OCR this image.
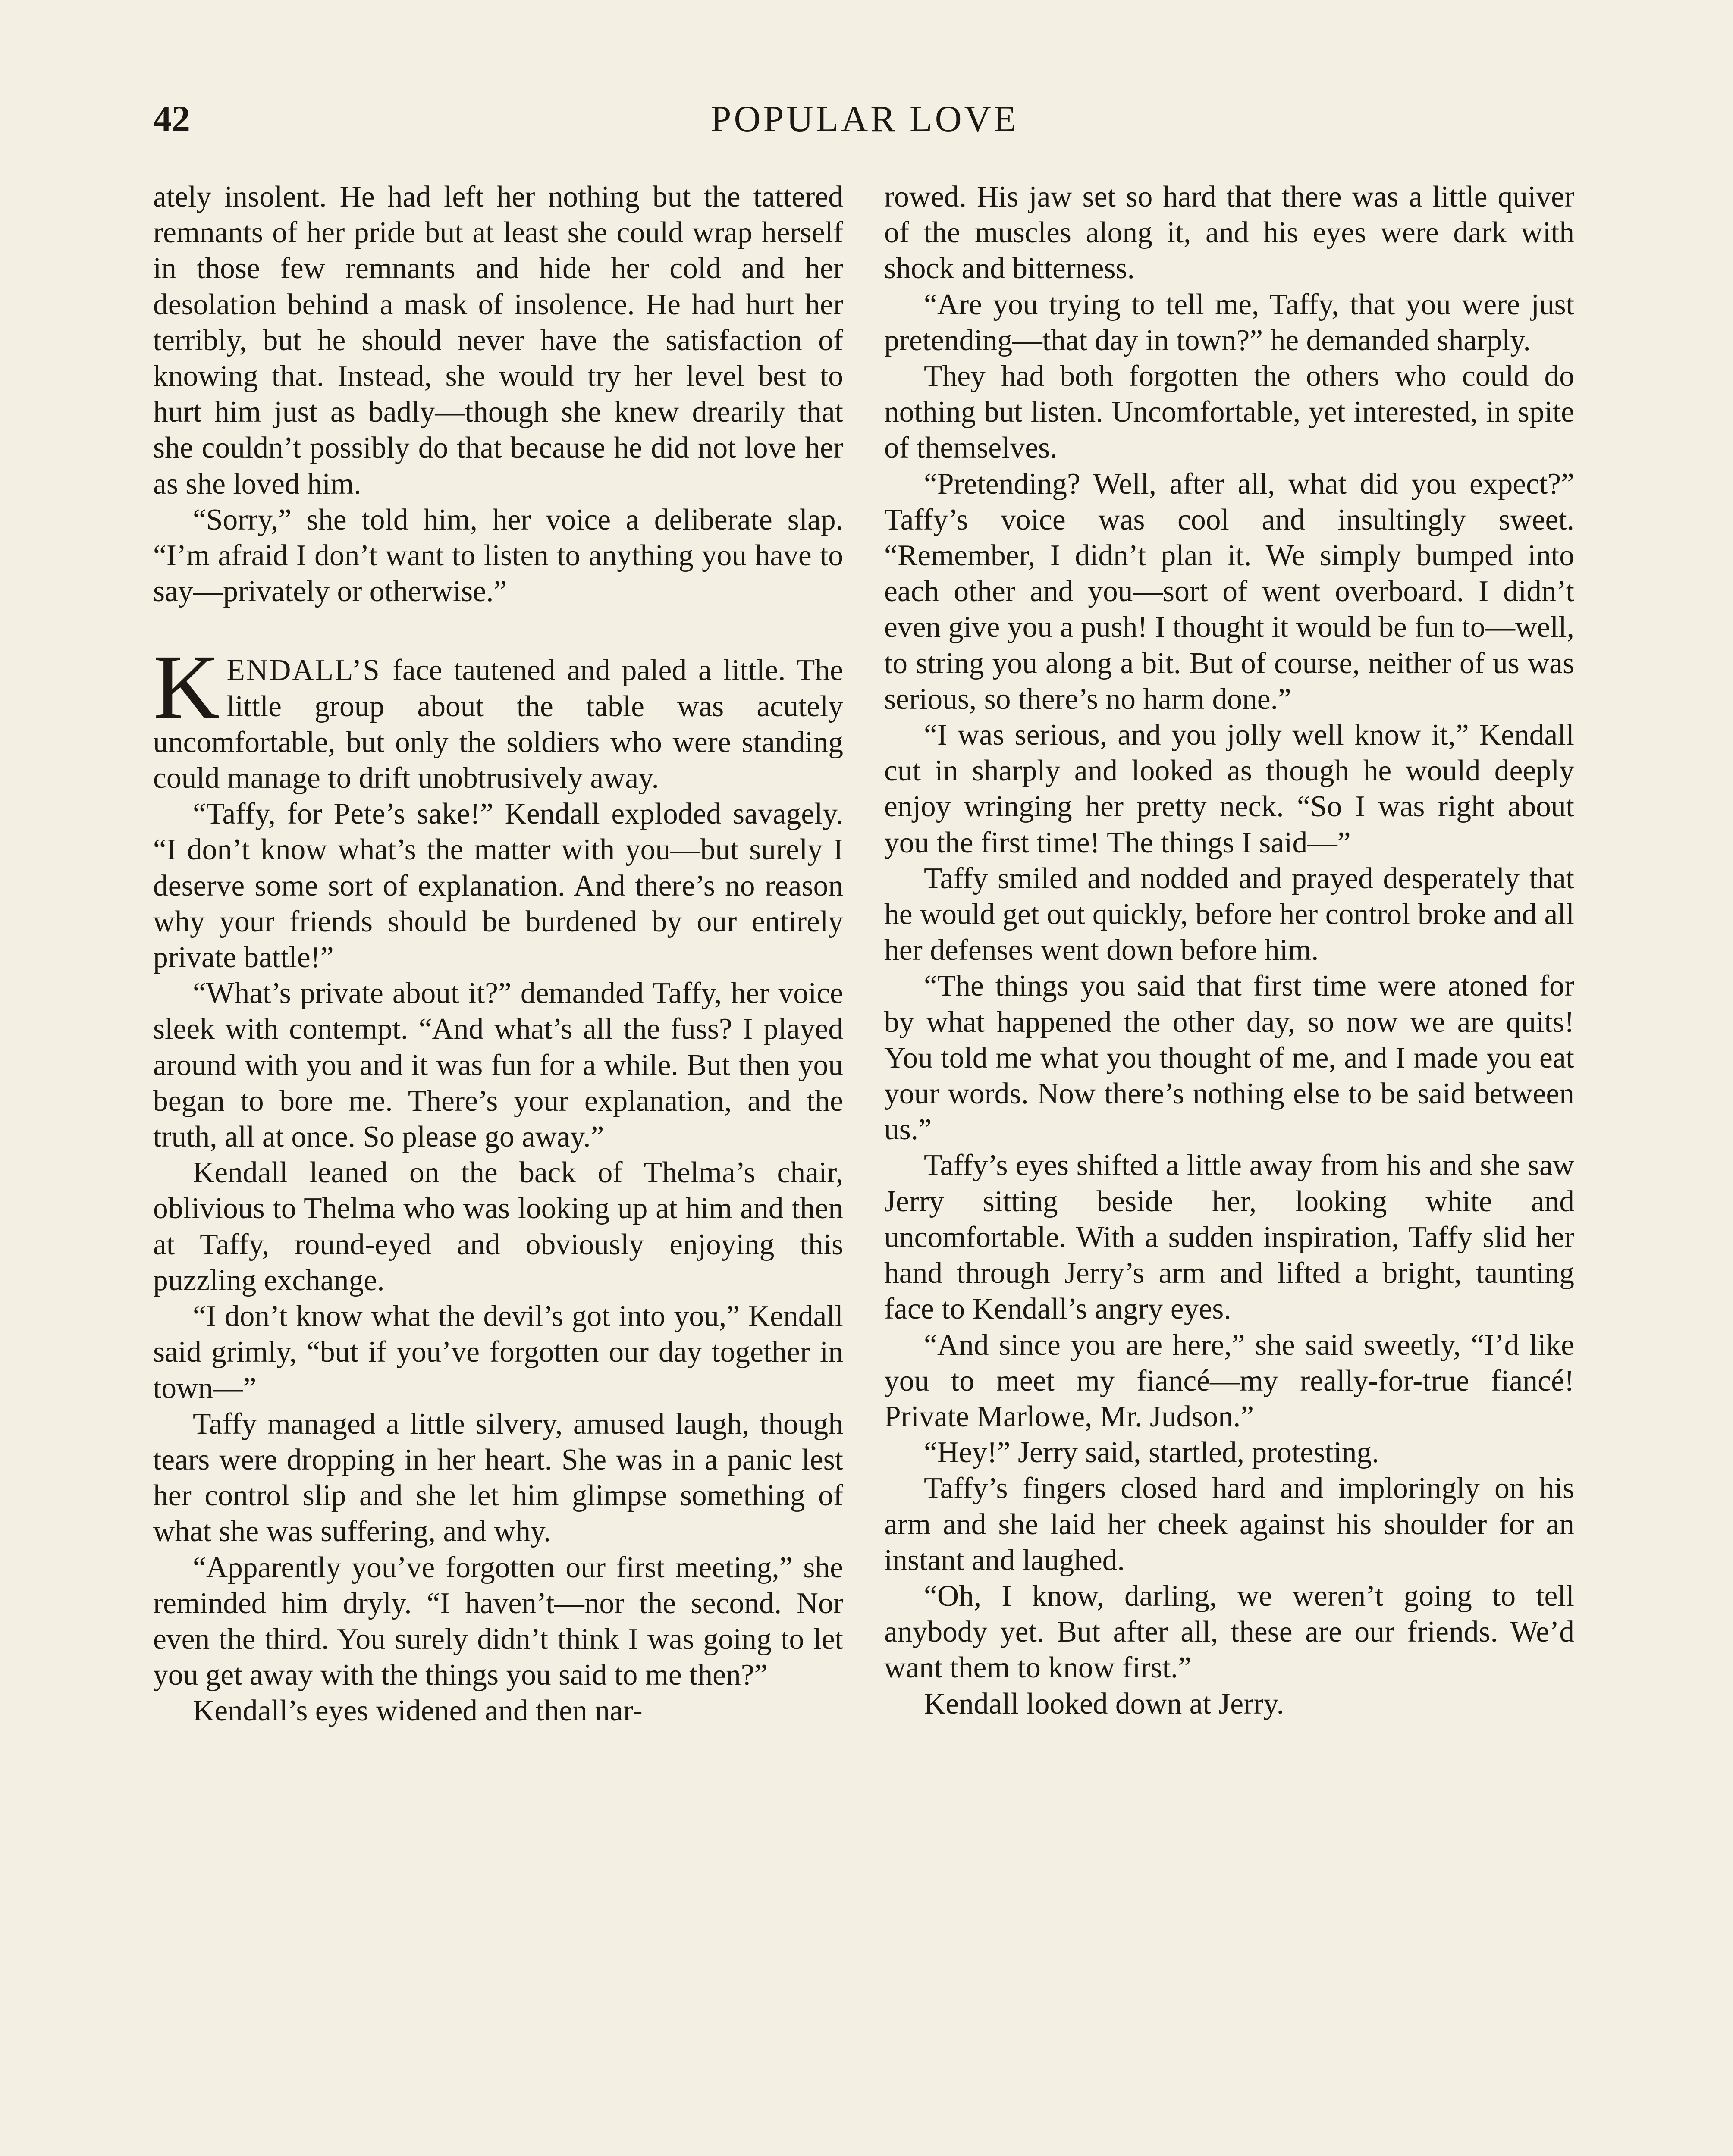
42	POPULAR LOVE

ately insolent. He had left her nothing but the tattered remnants of her pride but at least she could wrap herself in those few remnants and hide her cold and her desolation behind a mask of insolence. He had hurt her terribly, but he should never have the satisfaction of knowing that. Instead, she would try her level best to hurt him just as badly—though she knew drearily that she couldn’t possibly do that because he did not love her as she loved him.

“Sorry,” she told him, her voice a deliberate slap. “I’m afraid I don’t want to listen to anything you have to say—privately or otherwise.”

KENDALL’S face tautened and paled a little. The little group about the table was acutely uncomfortable, but only the soldiers who were standing could manage to drift unobtrusively away.

“Taffy, for Pete’s sake!” Kendall exploded savagely. “I don’t know what’s the matter with you—but surely I deserve some sort of explanation. And there’s no reason why your friends should be burdened by our entirely private battle!”

“What’s private about it?” demanded Taffy, her voice sleek with contempt. “And what’s all the fuss? I played around with you and it was fun for a while. But then you began to bore me. There’s your explanation, and the truth, all at once. So please go away.”

Kendall leaned on the back of Thelma’s chair, oblivious to Thelma who was looking up at him and then at Taffy, round-eyed and obviously enjoying this puzzling exchange.

“I don’t know what the devil’s got into you,” Kendall said grimly, “but if you’ve forgotten our day together in town—”

Taffy managed a little silvery, amused laugh, though tears were dropping in her heart. She was in a panic lest her control slip and she let him glimpse something of what she was suffering, and why.

“Apparently you’ve forgotten our first meeting,” she reminded him dryly. “I haven’t—nor the second. Nor even the third. You surely didn’t think I was going to let you get away with the things you said to me then?”

Kendall’s eyes widened and then nar-

rowed. His jaw set so hard that there was a little quiver of the muscles along it, and his eyes were dark with shock and bitterness.

“Are you trying to tell me, Taffy, that you were just pretending—that day in town?” he demanded sharply.

They had both forgotten the others who could do nothing but listen. Uncomfortable, yet interested, in spite of themselves.

“Pretending? Well, after all, what did you expect?” Taffy’s voice was cool and insultingly sweet. “Remember, I didn’t plan it. We simply bumped into each other and you—sort of went overboard. I didn’t even give you a push! I thought it would be fun to—well, to string you along a bit. But of course, neither of us was serious, so there’s no harm done.”

“I was serious, and you jolly well know it,” Kendall cut in sharply and looked as though he would deeply enjoy wringing her pretty neck. “So I was right about you the first time! The things I said—”

Taffy smiled and nodded and prayed desperately that he would get out quickly, before her control broke and all her defenses went down before him.

“The things you said that first time were atoned for by what happened the other day, so now we are quits! You told me what you thought of me, and I made you eat your words. Now there’s nothing else to be said between us.”

Taffy’s eyes shifted a little away from his and she saw Jerry sitting beside her, looking white and uncomfortable. With a sudden inspiration, Taffy slid her hand through Jerry’s arm and lifted a bright, taunting face to Kendall’s angry eyes.

“And since you are here,” she said sweetly, “I’d like you to meet my fiancé—my really-for-true fiancé! Private Marlowe, Mr. Judson.”

“Hey!” Jerry said, startled, protesting.

Taffy’s fingers closed hard and imploringly on his arm and she laid her cheek against his shoulder for an instant and laughed.

“Oh, I know, darling, we weren’t going to tell anybody yet. But after all, these are our friends. We’d want them to know first.”

Kendall looked down at Jerry.
